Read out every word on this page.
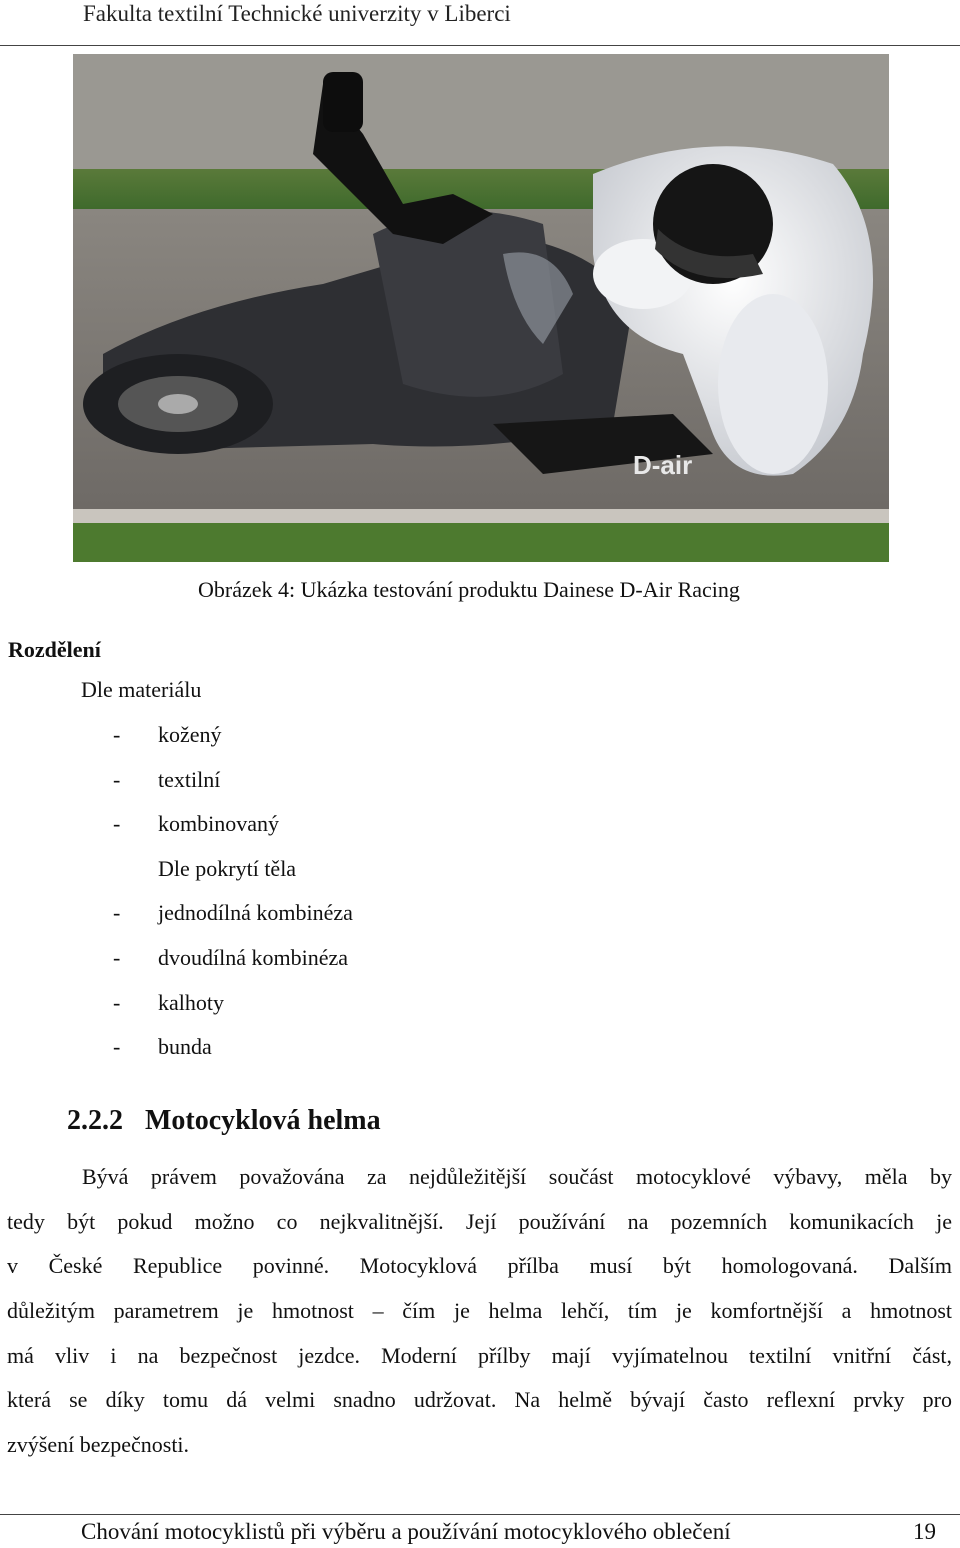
Fakulta textilní Technické univerzity v Liberci
D-air
Obrázek 4: Ukázka testování produktu Dainese D-Air Racing
Rozdělení
Dle materiálu
- kožený
- textilní
- kombinovaný
Dle pokrytí těla
- jednodílná kombinéza
- dvoudílná kombinéza
- kalhoty
- bunda
2.2.2 Motocyklová helma
Bývá právem považována za nejdůležitější součást motocyklové výbavy, měla by
tedy být pokud možno co nejkvalitnější. Její používání na pozemních komunikacích je
v České Republice povinné. Motocyklová přílba musí být homologovaná. Dalším
důležitým parametrem je hmotnost – čím je helma lehčí, tím je komfortnější a hmotnost
má vliv i na bezpečnost jezdce. Moderní přílby mají vyjímatelnou textilní vnitřní část,
která se díky tomu dá velmi snadno udržovat. Na helmě bývají často reflexní prvky pro
zvýšení bezpečnosti.
Chování motocyklistů při výběru a používání motocyklového oblečení	19
